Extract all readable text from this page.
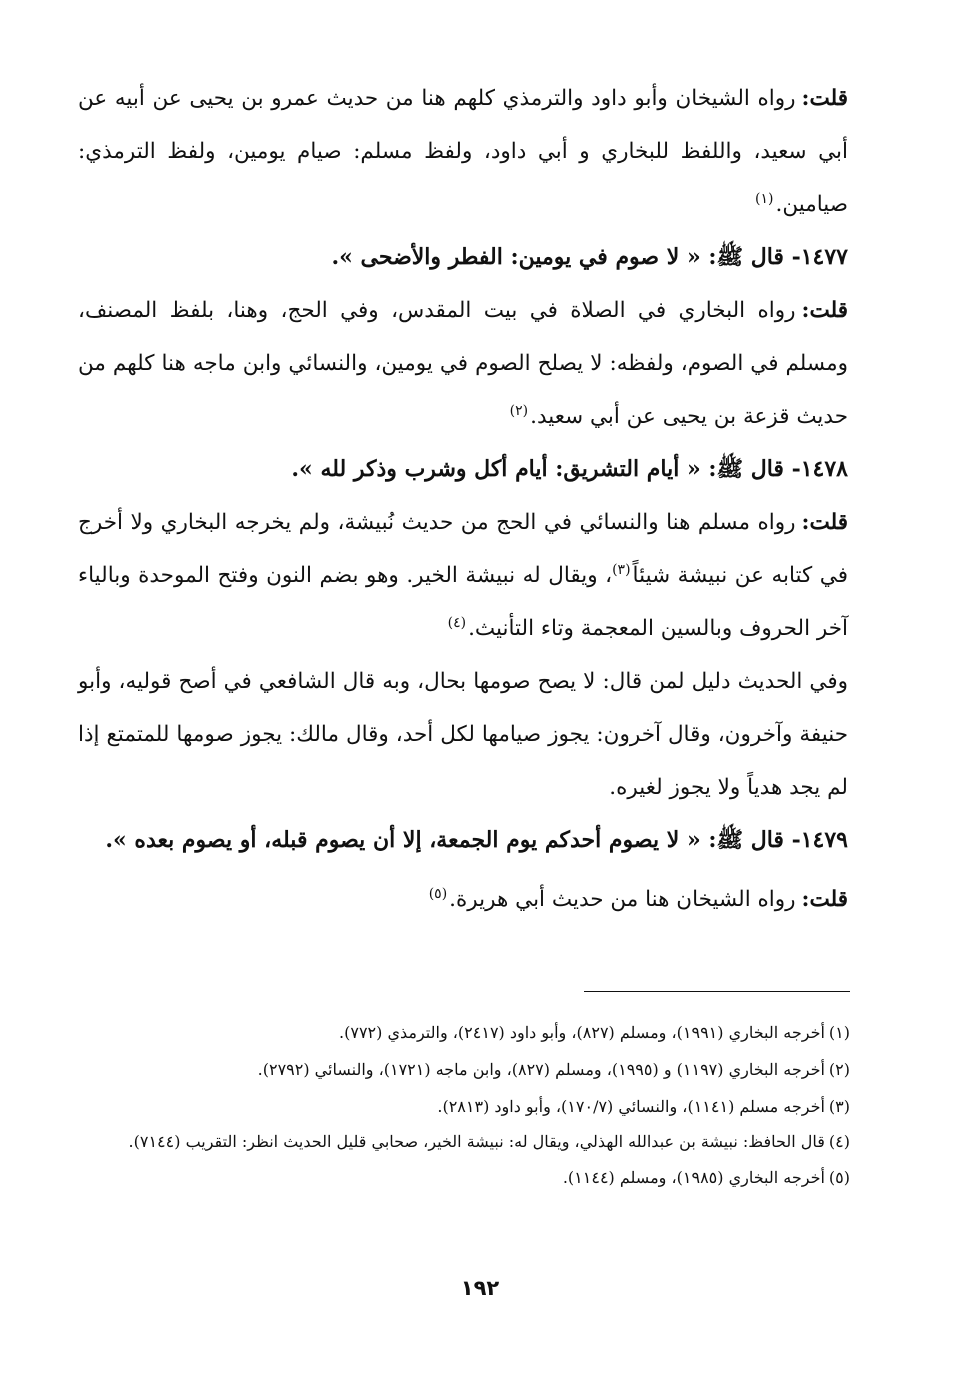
قلت:رواه الشيخان وأبو داود والترمذي كلهم هنا من حديث عمرو بن يحيى عن أبيه عن أبي سعيد، واللفظ للبخاري و أبي داود، ولفظ مسلم: صيام يومين، ولفظ الترمذي: صيامين.$^{(١)}$

١٤٧٧- قال ﷺ: « لا صوم في يومين: الفطر والأضحى ».

قلت:رواه البخاري في الصلاة في بيت المقدس، وفي الحج، وهنا، بلفظ المصنف، ومسلم في الصوم، ولفظه: لا يصلح الصوم في يومين، والنسائي وابن ماجه هنا كلهم من حديث قزعة بن يحيى عن أبي سعيد.$^{(٢)}$

١٤٧٨- قال ﷺ: « أيام التشريق: أيام أكل وشرب وذكر لله ».

قلت:رواه مسلم هنا والنسائي في الحج من حديث نُبيشة، ولم يخرجه البخاري ولا أخرج في كتابه عن نبيشة شيئاً$^{(٣)}$، ويقال له نبيشة الخير. وهو بضم النون وفتح الموحدة وبالياء آخر الحروف وبالسين المعجمة وتاء التأنيث.$^{(٤)}$

وفي الحديث دليل لمن قال: لا يصح صومها بحال، وبه قال الشافعي في أصح قوليه، وأبو حنيفة وآخرون، وقال آخرون: يجوز صيامها لكل أحد، وقال مالك: يجوز صومها للمتمتع إذا لم يجد هدياً ولا يجوز لغيره.

١٤٧٩- قال ﷺ: « لا يصوم أحدكم يوم الجمعة، إلا أن يصوم قبله، أو يصوم بعده ».

قلت:رواه الشيخان هنا من حديث أبي هريرة.$^{(٥)}$

(١)أخرجه البخاري (١٩٩١)، ومسلم (٨٢٧)، وأبو داود (٢٤١٧)، والترمذي (٧٧٢).

(٢)أخرجه البخاري (١١٩٧) و (١٩٩٥)، ومسلم (٨٢٧)، وابن ماجه (١٧٢١)، والنسائي (٢٧٩٢).

(٣)أخرجه مسلم (١١٤١)، والنسائي (١٧٠/٧)، وأبو داود (٢٨١٣).

(٤)قال الحافظ: نبيشة بن عبدالله الهذلي، ويقال له: نبيشة الخير، صحابي قليل الحديث انظر: التقريب (٧١٤٤).

(٥)أخرجه البخاري (١٩٨٥)، ومسلم (١١٤٤).

١٩٢
